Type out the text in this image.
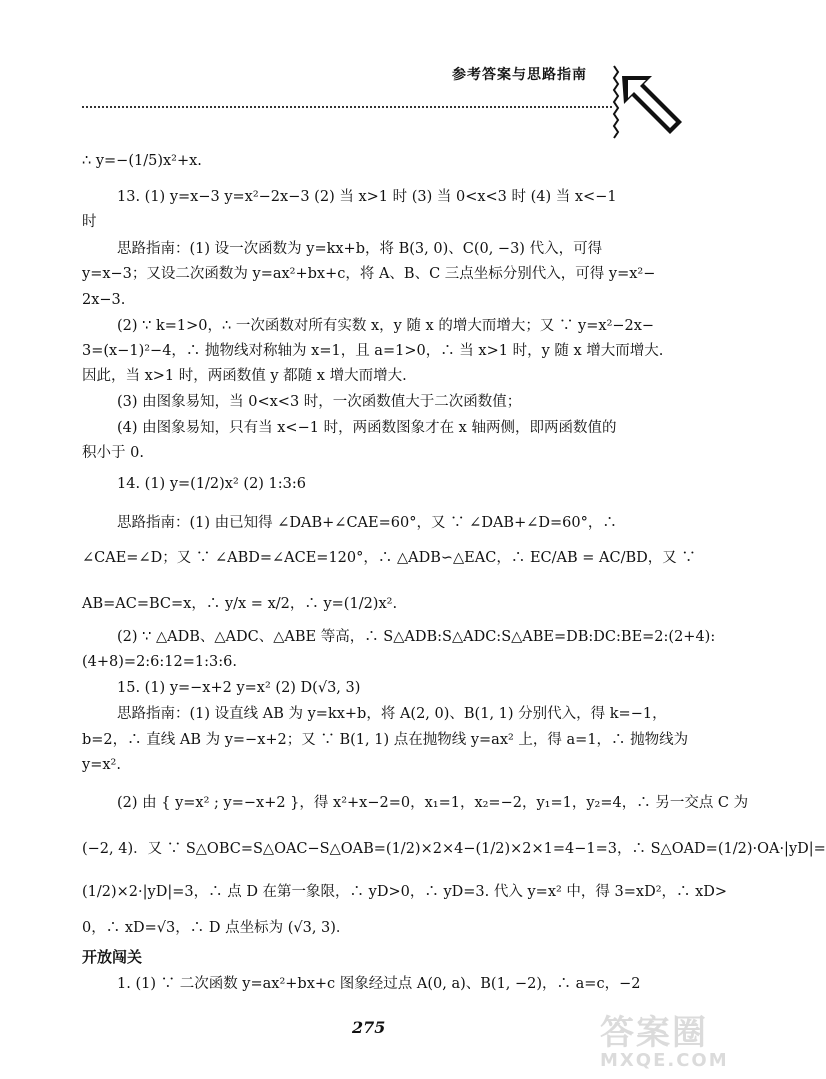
参考答案与思路指南
∴ y=−(1/5)x²+x.
13. (1) y=x−3 y=x²−2x−3 (2) 当 x>1 时 (3) 当 0<x<3 时 (4) 当 x<−1
时
思路指南：(1) 设一次函数为 y=kx+b，将 B(3, 0)、C(0, −3) 代入，可得
y=x−3；又设二次函数为 y=ax²+bx+c，将 A、B、C 三点坐标分别代入，可得 y=x²−
2x−3.
(2) ∵ k=1>0，∴ 一次函数对所有实数 x，y 随 x 的增大而增大；又 ∵ y=x²−2x−
3=(x−1)²−4，∴ 抛物线对称轴为 x=1，且 a=1>0，∴ 当 x>1 时，y 随 x 增大而增大.
因此，当 x>1 时，两函数值 y 都随 x 增大而增大.
(3) 由图象易知，当 0<x<3 时，一次函数值大于二次函数值；
(4) 由图象易知，只有当 x<−1 时，两函数图象才在 x 轴两侧，即两函数值的
积小于 0.
14. (1) y=(1/2)x² (2) 1:3:6
思路指南：(1) 由已知得 ∠DAB+∠CAE=60°，又 ∵ ∠DAB+∠D=60°，∴
∠CAE=∠D；又 ∵ ∠ABD=∠ACE=120°，∴ △ADB∽△EAC，∴ EC/AB = AC/BD，又 ∵
AB=AC=BC=x，∴ y/x = x/2，∴ y=(1/2)x².
(2) ∵ △ADB、△ADC、△ABE 等高，∴ S△ADB:S△ADC:S△ABE=DB:DC:BE=2:(2+4):
(4+8)=2:6:12=1:3:6.
15. (1) y=−x+2 y=x² (2) D(√3, 3)
思路指南：(1) 设直线 AB 为 y=kx+b，将 A(2, 0)、B(1, 1) 分别代入，得 k=−1，
b=2，∴ 直线 AB 为 y=−x+2；又 ∵ B(1, 1) 点在抛物线 y=ax² 上，得 a=1，∴ 抛物线为
y=x².
(2) 由 { y=x² ; y=−x+2 }，得 x²+x−2=0，x₁=1，x₂=−2，y₁=1，y₂=4，∴ 另一交点 C 为
(−2, 4)．又 ∵ S△OBC=S△OAC−S△OAB=(1/2)×2×4−(1/2)×2×1=4−1=3，∴ S△OAD=(1/2)·OA·|yD|=
(1/2)×2·|yD|=3，∴ 点 D 在第一象限，∴ yD>0，∴ yD=3. 代入 y=x² 中，得 3=xD²，∴ xD>
0，∴ xD=√3，∴ D 点坐标为 (√3, 3)．
开放闯关
1. (1) ∵ 二次函数 y=ax²+bx+c 图象经过点 A(0, a)、B(1, −2)，∴ a=c，−2
275	答案圈
MXQE.COM
